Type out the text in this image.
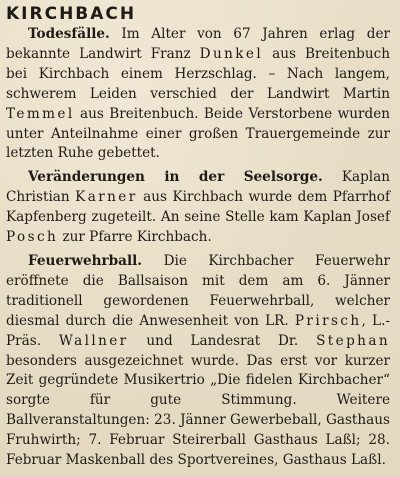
KIRCHBACH

Todesfälle. Im Alter von 67 Jahren erlag der bekannte Landwirt Franz Dunkel aus Breitenbuch bei Kirchbach einem Herzschlag. – Nach langem, schwerem Leiden verschied der Landwirt Martin Temmel aus Breitenbuch. Beide Verstorbene wurden unter Anteilnahme einer großen Trauergemeinde zur letzten Ruhe gebettet.

Veränderungen in der Seelsorge. Kaplan Christian Karner aus Kirchbach wurde dem Pfarrhof Kapfenberg zugeteilt. An seine Stelle kam Kaplan Josef Posch zur Pfarre Kirchbach.

Feuerwehrball. Die Kirchbacher Feuerwehr eröffnete die Ballsaison mit dem am 6. Jänner traditionell gewordenen Feuerwehrball, welcher diesmal durch die Anwesenheit von LR. Prirsch, L.-Präs. Wallner und Landesrat Dr. Stephan besonders ausgezeichnet wurde. Das erst vor kurzer Zeit gegründete Musikertrio „Die fidelen Kirchbacher“ sorgte für gute Stimmung. Weitere Ballveranstaltungen: 23. Jänner Gewerbeball, Gasthaus Fruhwirth; 7. Februar Steirerball Gasthaus Laßl; 28. Februar Maskenball des Sportvereines, Gasthaus Laßl.
